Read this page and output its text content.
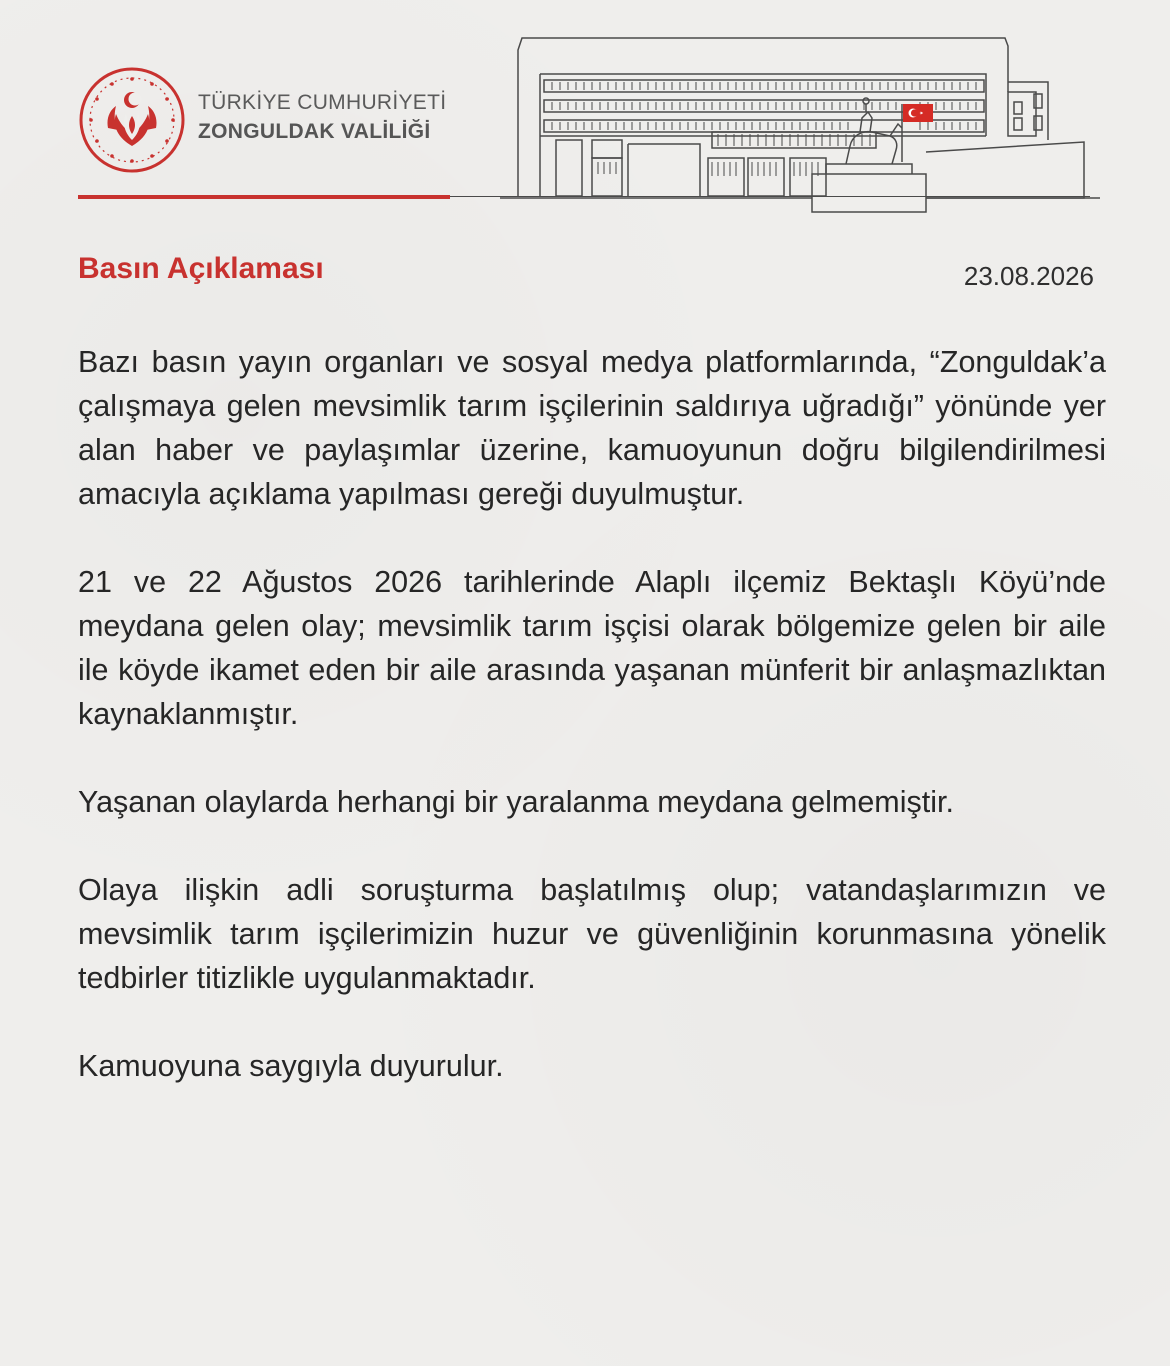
TÜRKİYE CUMHURİYETİ
ZONGULDAK VALİLİĞİ
Basın Açıklaması	23.08.2026

Bazı basın yayın organları ve sosyal medya platformlarında, “Zonguldak’a çalışmaya gelen mevsimlik tarım işçilerinin saldırıya uğradığı” yönünde yer alan haber ve paylaşımlar üzerine, kamuoyunun doğru bilgilendirilmesi amacıyla açıklama yapılması gereği duyulmuştur.

21 ve 22 Ağustos 2026 tarihlerinde Alaplı ilçemiz Bektaşlı Köyü’nde meydana gelen olay; mevsimlik tarım işçisi olarak bölgemize gelen bir aile ile köyde ikamet eden bir aile arasında yaşanan münferit bir anlaşmazlıktan kaynaklanmıştır.

Yaşanan olaylarda herhangi bir yaralanma meydana gelmemiştir.

Olaya ilişkin adli soruşturma başlatılmış olup; vatandaşlarımızın ve mevsimlik tarım işçilerimizin huzur ve güvenliğinin korunmasına yönelik tedbirler titizlikle uygulanmaktadır.

Kamuoyuna saygıyla duyurulur.
